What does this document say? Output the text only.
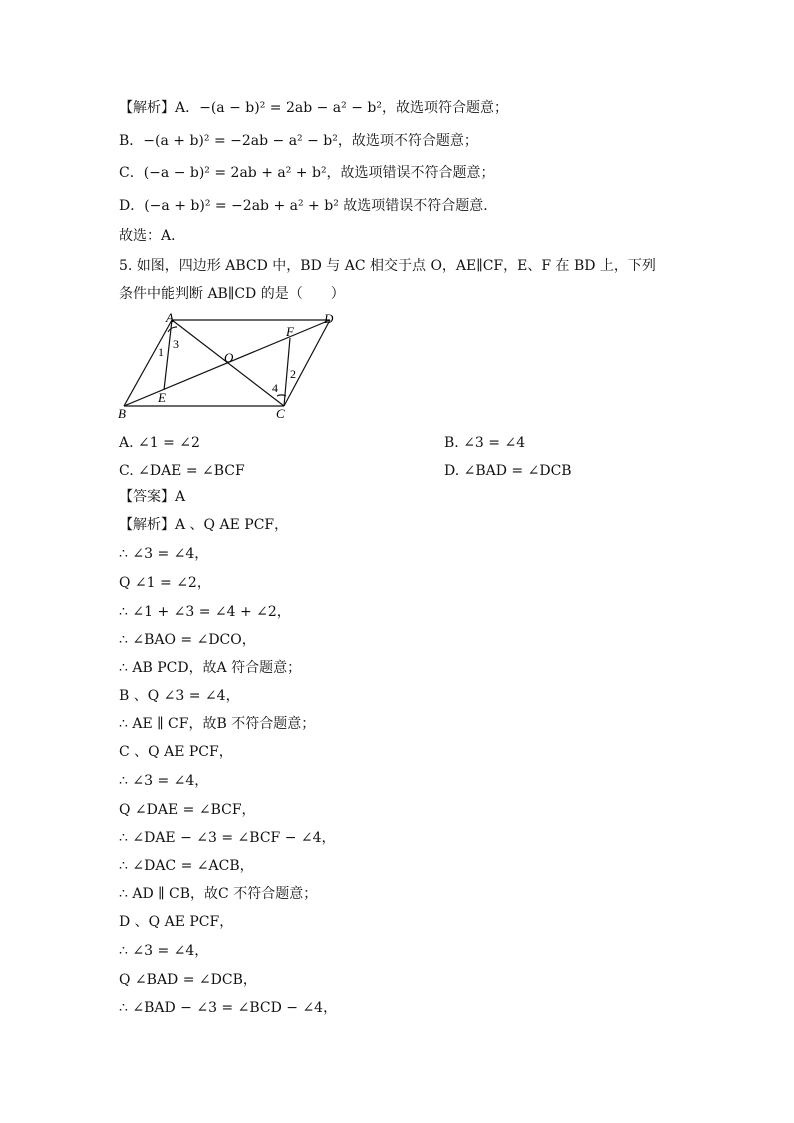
【解析】A．−(a − b)² = 2ab − a² − b²，故选项符合题意；
B．−(a + b)² = −2ab − a² − b²，故选项不符合题意；
C．(−a − b)² = 2ab + a² + b²，故选项错误不符合题意；
D．(−a + b)² = −2ab + a² + b² 故选项错误不符合题意．
故选：A．
5. 如图，四边形 ABCD 中，BD 与 AC 相交于点 O，AE∥CF，E、F 在 BD 上，下列
条件中能判断 AB∥CD 的是（　　）
A	D
B	C
O
E
F
1
2
3
4
A. ∠1 = ∠2	B. ∠3 = ∠4
C. ∠DAE = ∠BCF	D. ∠BAD = ∠DCB
【答案】A
【解析】A 、Q AE PCF，
∴ ∠3 = ∠4，
Q ∠1 = ∠2，
∴ ∠1 + ∠3 = ∠4 + ∠2，
∴ ∠BAO = ∠DCO，
∴ AB PCD，故A 符合题意；
B 、Q ∠3 = ∠4，
∴ AE ∥ CF，故B 不符合题意；
C 、Q AE PCF，
∴ ∠3 = ∠4，
Q ∠DAE = ∠BCF，
∴ ∠DAE − ∠3 = ∠BCF − ∠4，
∴ ∠DAC = ∠ACB，
∴ AD ∥ CB，故C 不符合题意；
D 、Q AE PCF，
∴ ∠3 = ∠4，
Q ∠BAD = ∠DCB，
∴ ∠BAD − ∠3 = ∠BCD − ∠4，
